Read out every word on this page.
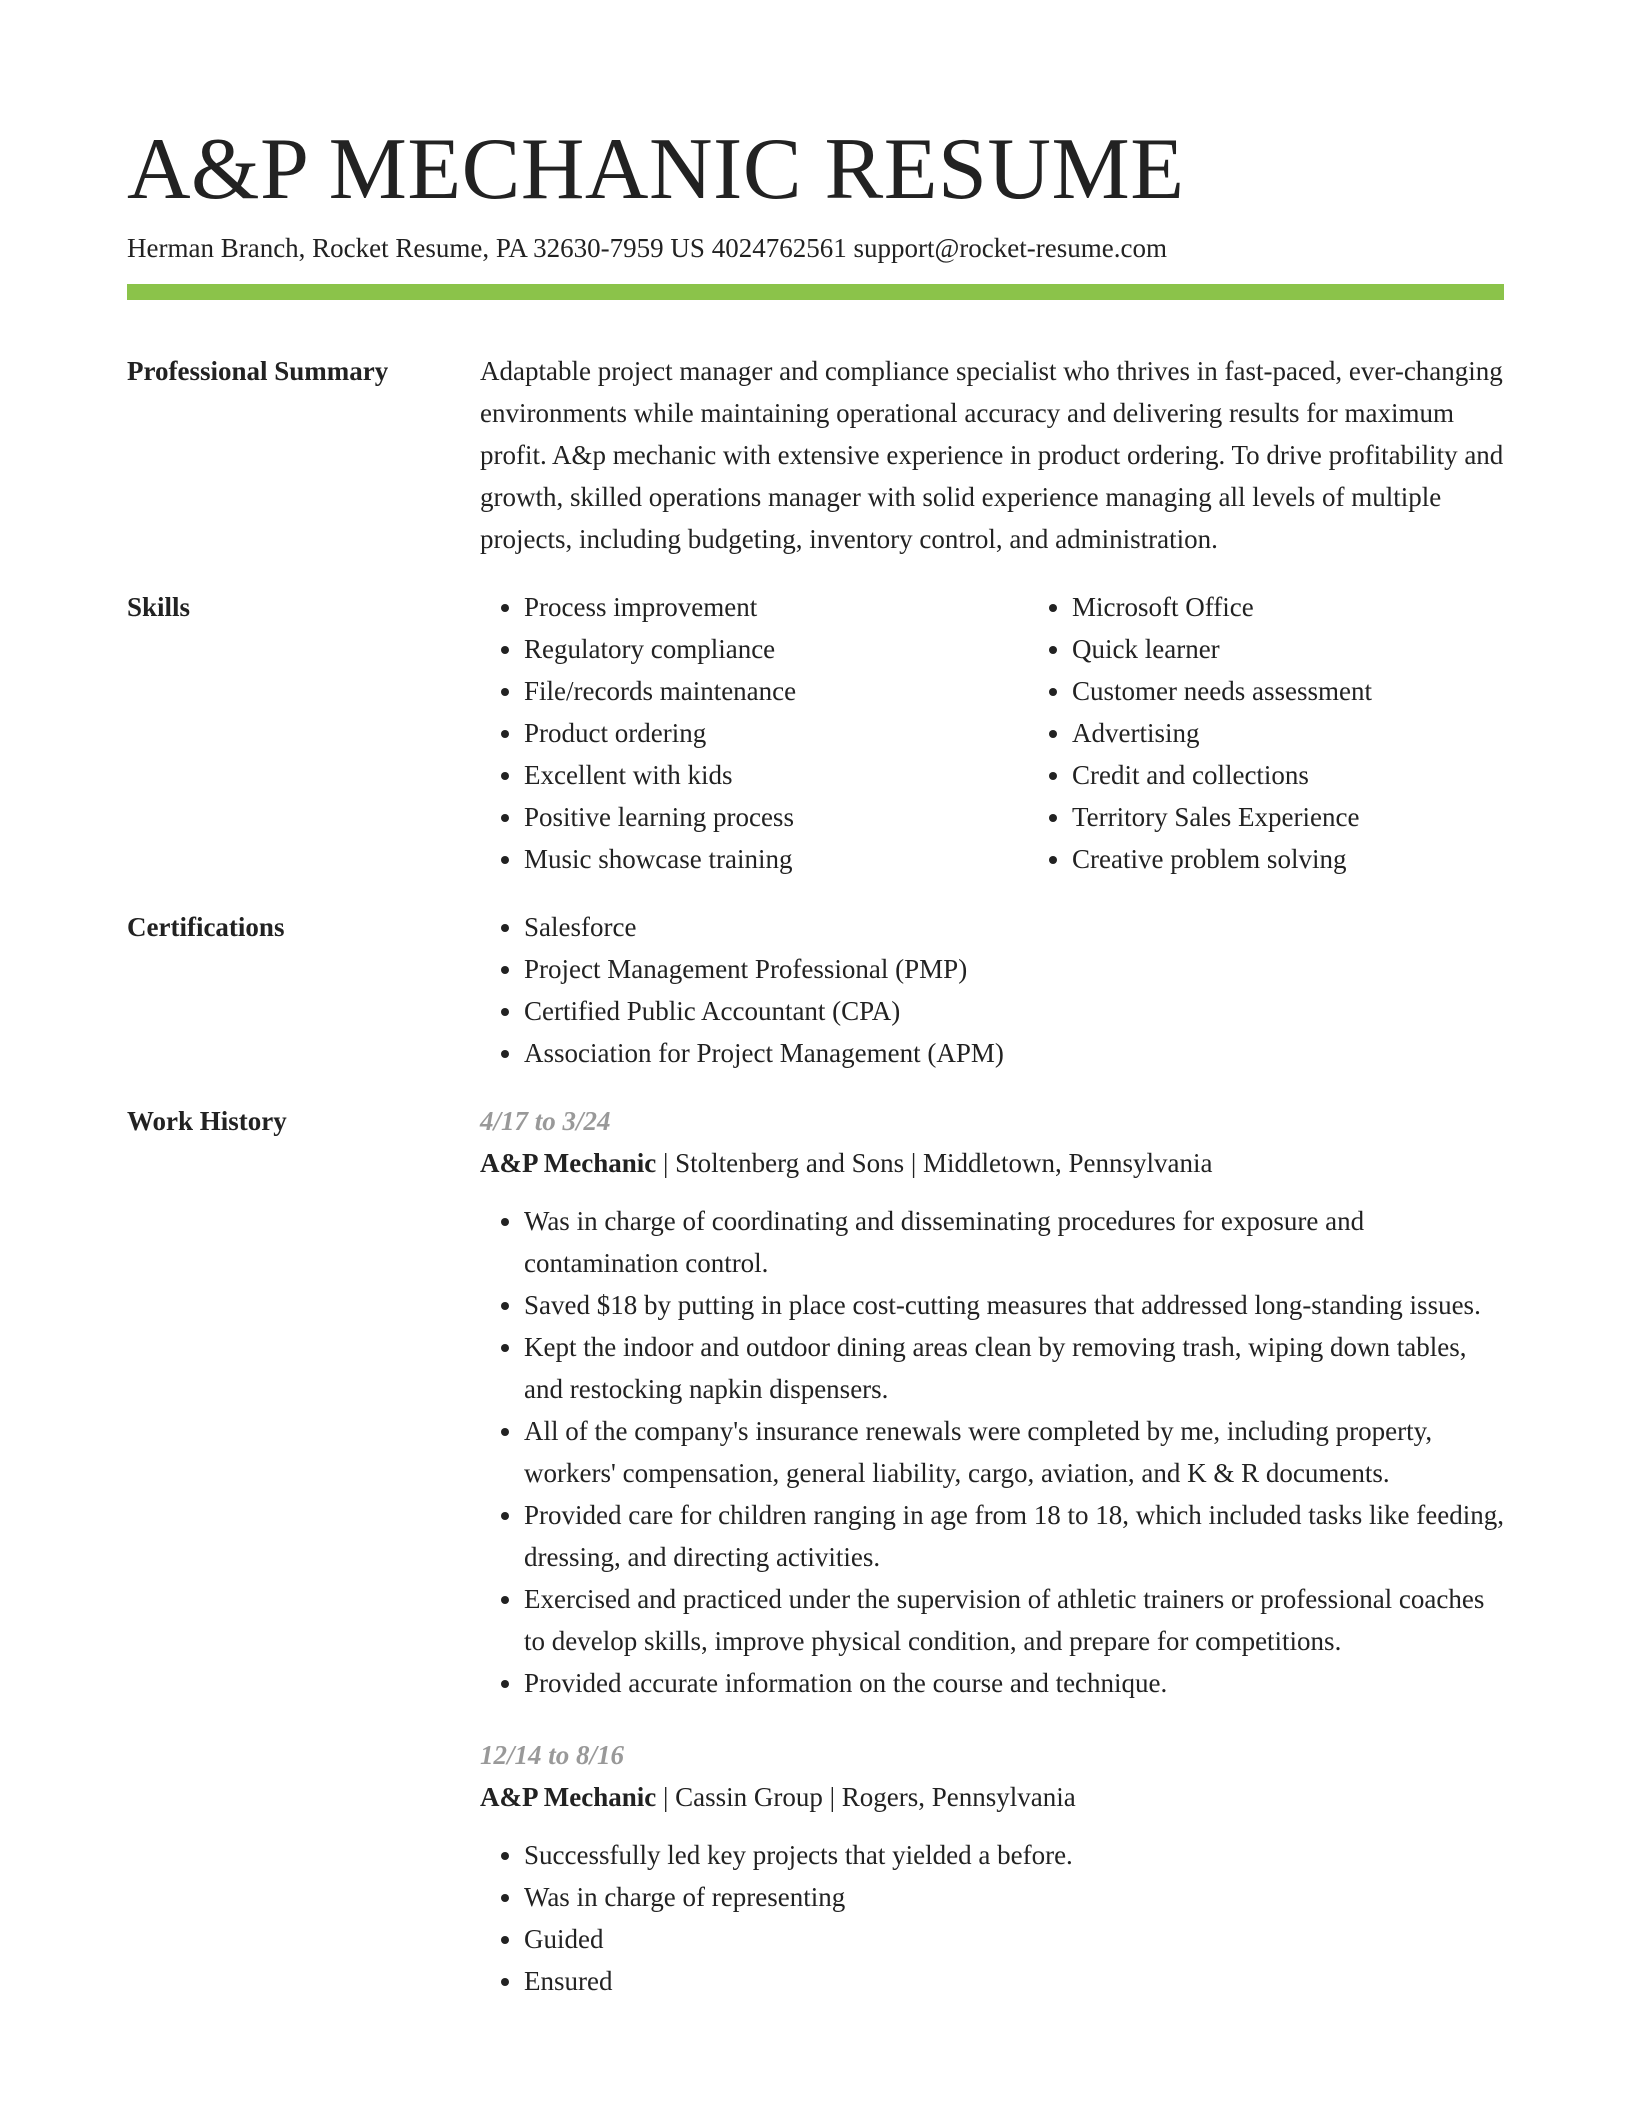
A&P MECHANIC RESUME
Herman Branch, Rocket Resume, PA 32630-7959 US 4024762561 support@rocket-resume.com
Professional Summary	Adaptable project manager and compliance specialist who thrives in fast-paced, ever-changing environments while maintaining operational accuracy and delivering results for maximum profit. A&p mechanic with extensive experience in product ordering. To drive profitability and growth, skilled operations manager with solid experience managing all levels of multiple projects, including budgeting, inventory control, and administration.

Skills	• Process improvement
• Regulatory compliance
• File/records maintenance
• Product ordering
• Excellent with kids
• Positive learning process
• Music showcase training
• Microsoft Office
• Quick learner
• Customer needs assessment
• Advertising
• Credit and collections
• Territory Sales Experience
• Creative problem solving
Certifications	• Salesforce
• Project Management Professional (PMP)
• Certified Public Accountant (CPA)
• Association for Project Management (APM)
Work History	4/17 to 3/24
A&P Mechanic | Stoltenberg and Sons | Middletown, Pennsylvania
• Was in charge of coordinating and disseminating procedures for exposure and contamination control.
• Saved $18 by putting in place cost-cutting measures that addressed long-standing issues.
• Kept the indoor and outdoor dining areas clean by removing trash, wiping down tables, and restocking napkin dispensers.
• All of the company's insurance renewals were completed by me, including property, workers' compensation, general liability, cargo, aviation, and K & R documents.
• Provided care for children ranging in age from 18 to 18, which included tasks like feeding, dressing, and directing activities.
• Exercised and practiced under the supervision of athletic trainers or professional coaches to develop skills, improve physical condition, and prepare for competitions.
• Provided accurate information on the course and technique.
12/14 to 8/16
A&P Mechanic | Cassin Group | Rogers, Pennsylvania
• Successfully led key projects that yielded a before.
• Was in charge of representing
• Guided
• Ensured
